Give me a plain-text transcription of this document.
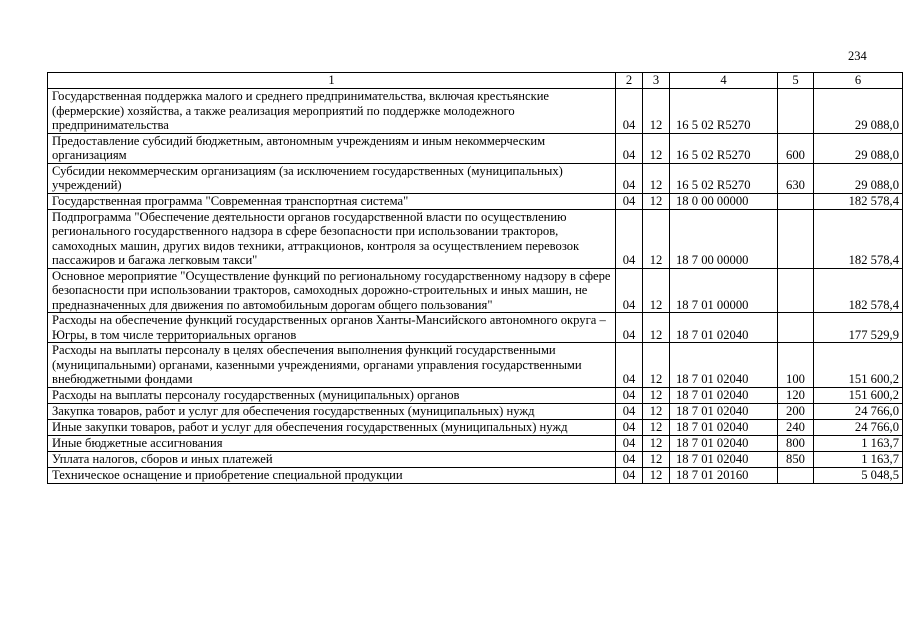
234
1	2	3	4	5	6
Государственная поддержка малого и среднего предпринимательства, включая крестьянские (фермерские) хозяйства, а также реализация мероприятий по поддержке молодежного предпринимательства	04	12	16 5 02 R5270		29 088,0
Предоставление субсидий бюджетным, автономным учреждениям и иным некоммерческим организациям	04	12	16 5 02 R5270	600	29 088,0
Субсидии некоммерческим организациям (за исключением государственных (муниципальных) учреждений)	04	12	16 5 02 R5270	630	29 088,0
Государственная программа "Современная транспортная система"	04	12	18 0 00 00000		182 578,4
Подпрограмма "Обеспечение деятельности органов государственной власти по осуществлению регионального государственного надзора в сфере безопасности при использовании тракторов, самоходных машин, других видов техники, аттракционов, контроля за осуществлением перевозок пассажиров и багажа легковым такси"	04	12	18 7 00 00000		182 578,4
Основное мероприятие "Осуществление функций по региональному государственному надзору в сфере безопасности при использовании тракторов, самоходных дорожно-строительных и иных машин, не предназначенных для движения по автомобильным дорогам общего пользования"	04	12	18 7 01 00000		182 578,4
Расходы на обеспечение функций государственных органов Ханты-Мансийского автономного округа – Югры, в том числе территориальных органов	04	12	18 7 01 02040		177 529,9
Расходы на выплаты персоналу в целях обеспечения выполнения функций государственными (муниципальными) органами, казенными учреждениями, органами управления государственными внебюджетными фондами	04	12	18 7 01 02040	100	151 600,2
Расходы на выплаты персоналу государственных (муниципальных) органов	04	12	18 7 01 02040	120	151 600,2
Закупка товаров, работ и услуг для обеспечения государственных (муниципальных) нужд	04	12	18 7 01 02040	200	24 766,0
Иные закупки товаров, работ и услуг для обеспечения государственных (муниципальных) нужд	04	12	18 7 01 02040	240	24 766,0
Иные бюджетные ассигнования	04	12	18 7 01 02040	800	1 163,7
Уплата налогов, сборов и иных платежей	04	12	18 7 01 02040	850	1 163,7
Техническое оснащение и приобретение специальной продукции	04	12	18 7 01 20160		5 048,5
